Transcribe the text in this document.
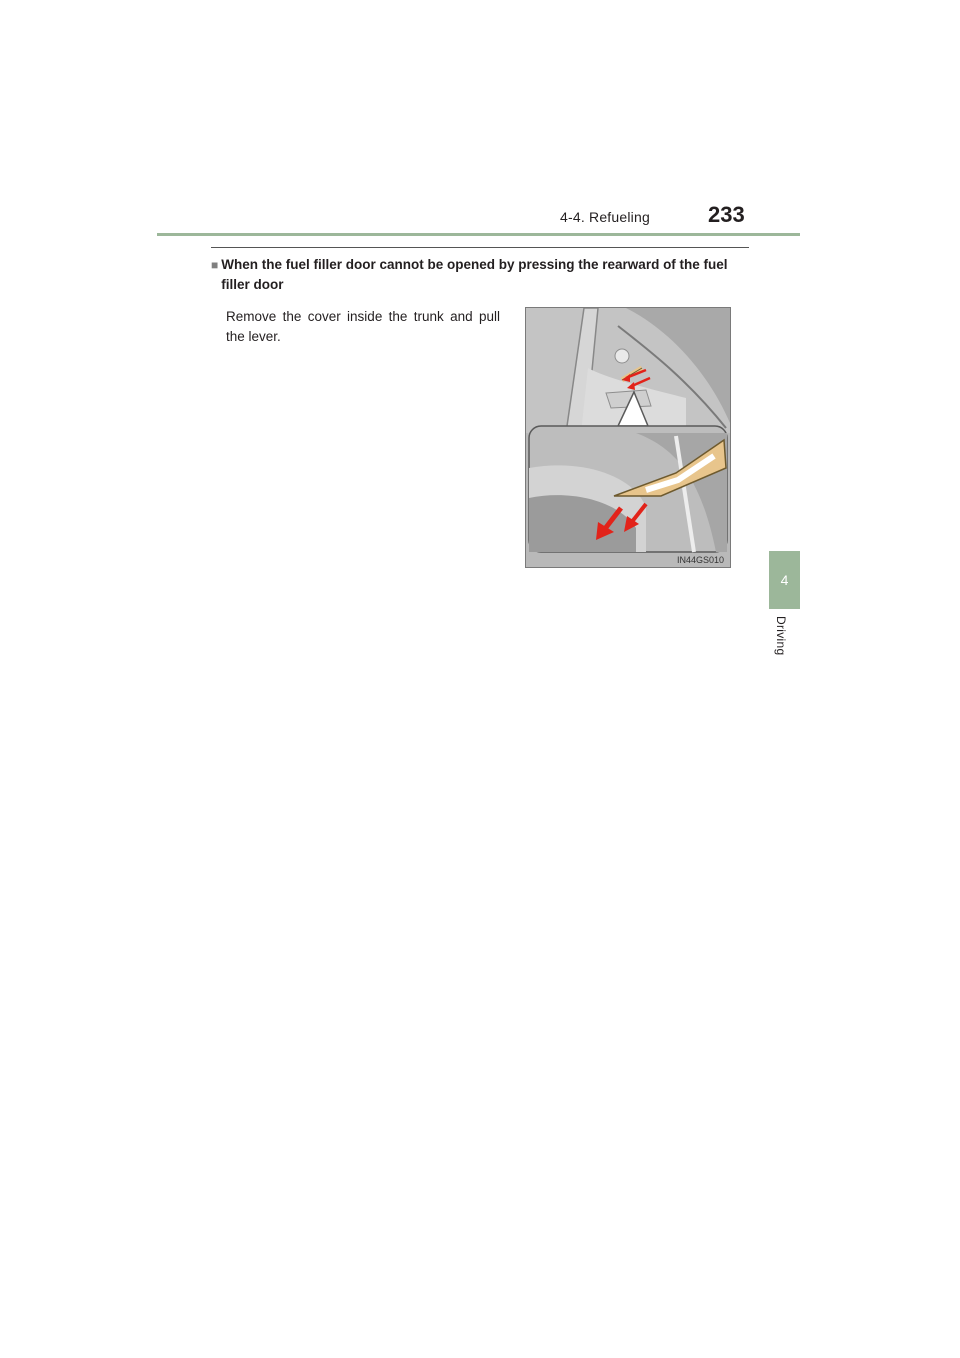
4-4. Refueling	233
4
Driving
■ When the fuel filler door cannot be opened by pressing the rearward of the fuel filler door
Remove the cover inside the trunk and pull the lever.
IN44GS010
